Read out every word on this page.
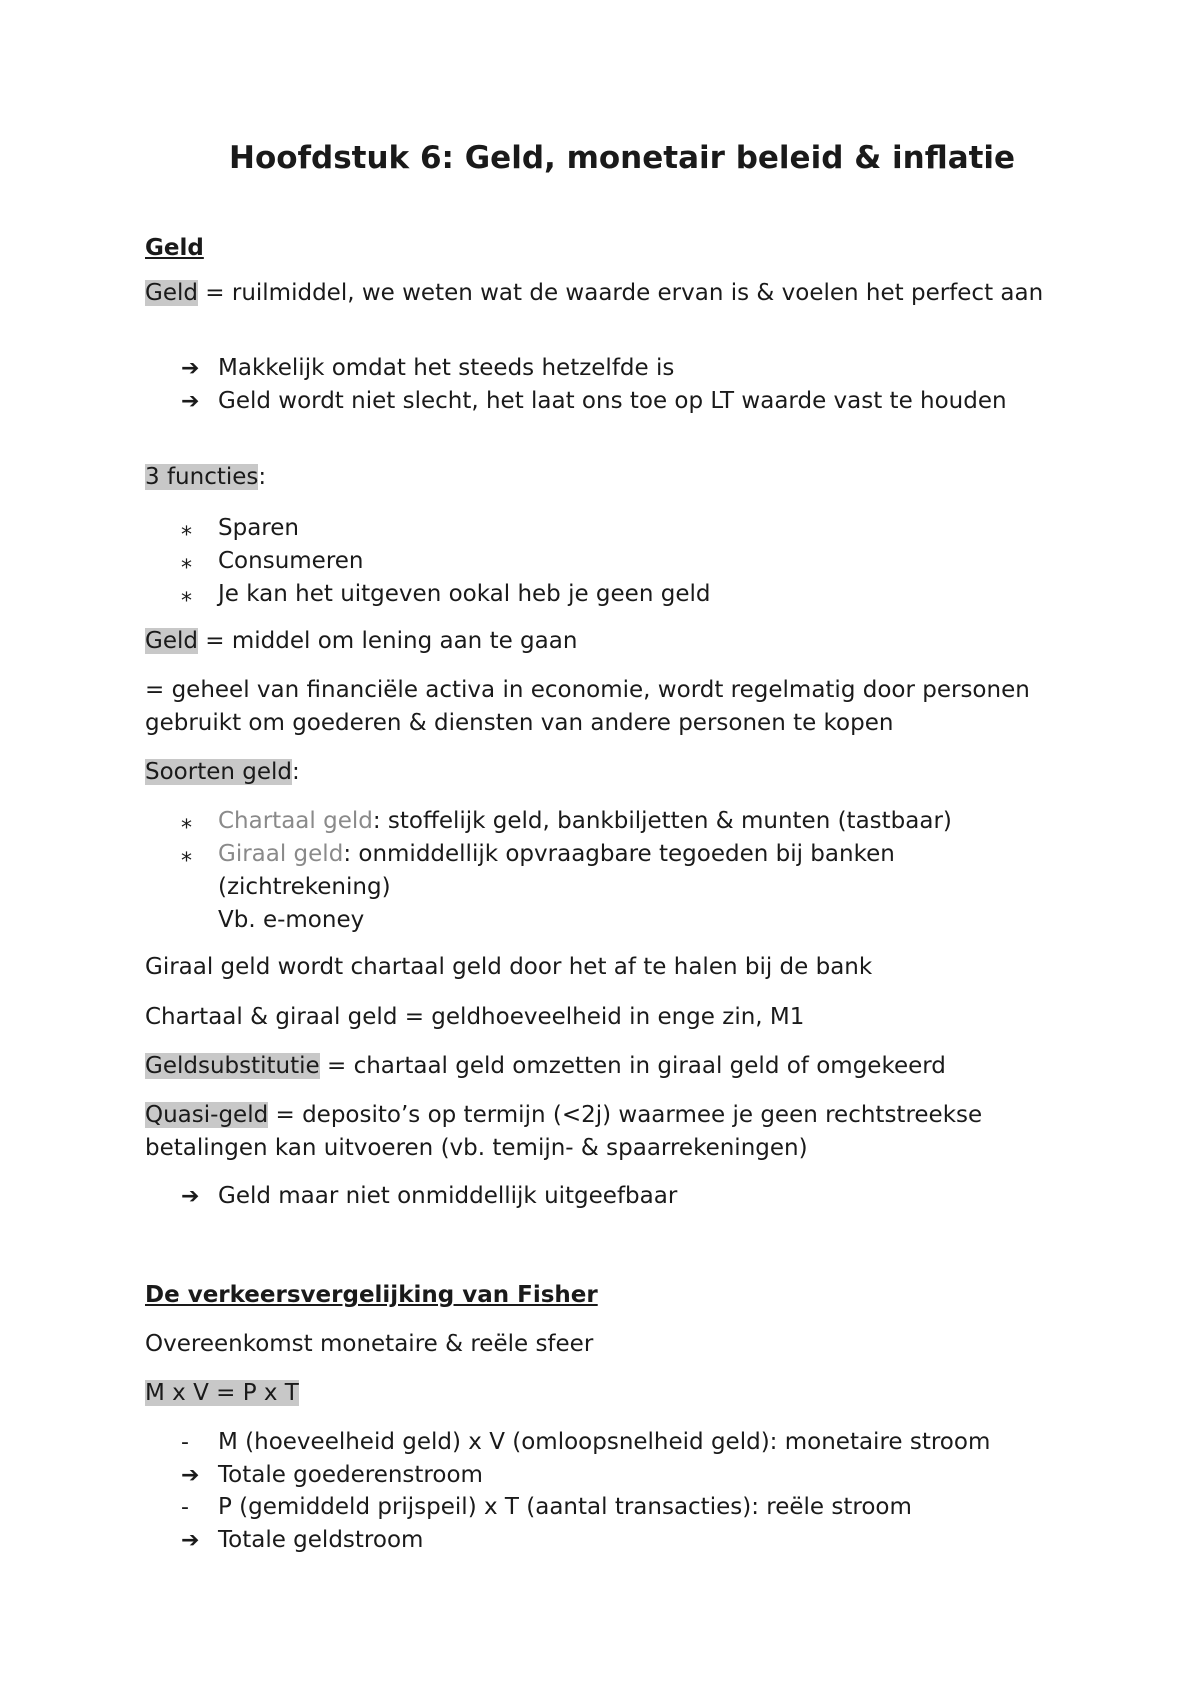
Hoofdstuk 6: Geld, monetair beleid & inflatie
Geld

Geld = ruilmiddel, we weten wat de waarde ervan is & voelen het perfect aan

➔ Makkelijk omdat het steeds hetzelfde is
➔ Geld wordt niet slecht, het laat ons toe op LT waarde vast te houden

3 functies:

⁎	Sparen
⁎	Consumeren
⁎	Je kan het uitgeven ookal heb je geen geld

Geld = middel om lening aan te gaan

= geheel van financiële activa in economie, wordt regelmatig door personen gebruikt om goederen & diensten van andere personen te kopen

Soorten geld:

⁎	Chartaal geld: stoffelijk geld, bankbiljetten & munten (tastbaar)
⁎	Giraal geld: onmiddellijk opvraagbare tegoeden bij banken (zichtrekening)
Vb. e-money

Giraal geld wordt chartaal geld door het af te halen bij de bank

Chartaal & giraal geld = geldhoeveelheid in enge zin, M1

Geldsubstitutie = chartaal geld omzetten in giraal geld of omgekeerd

Quasi-geld = deposito’s op termijn (<2j) waarmee je geen rechtstreekse betalingen kan uitvoeren (vb. temijn- & spaarrekeningen)

➔ Geld maar niet onmiddellijk uitgeefbaar
De verkeersvergelijking van Fisher

Overeenkomst monetaire & reële sfeer

M x V = P x T

-	M (hoeveelheid geld) x V (omloopsnelheid geld): monetaire stroom
➔ Totale goederenstroom
-	P (gemiddeld prijspeil) x T (aantal transacties): reële stroom
➔ Totale geldstroom
